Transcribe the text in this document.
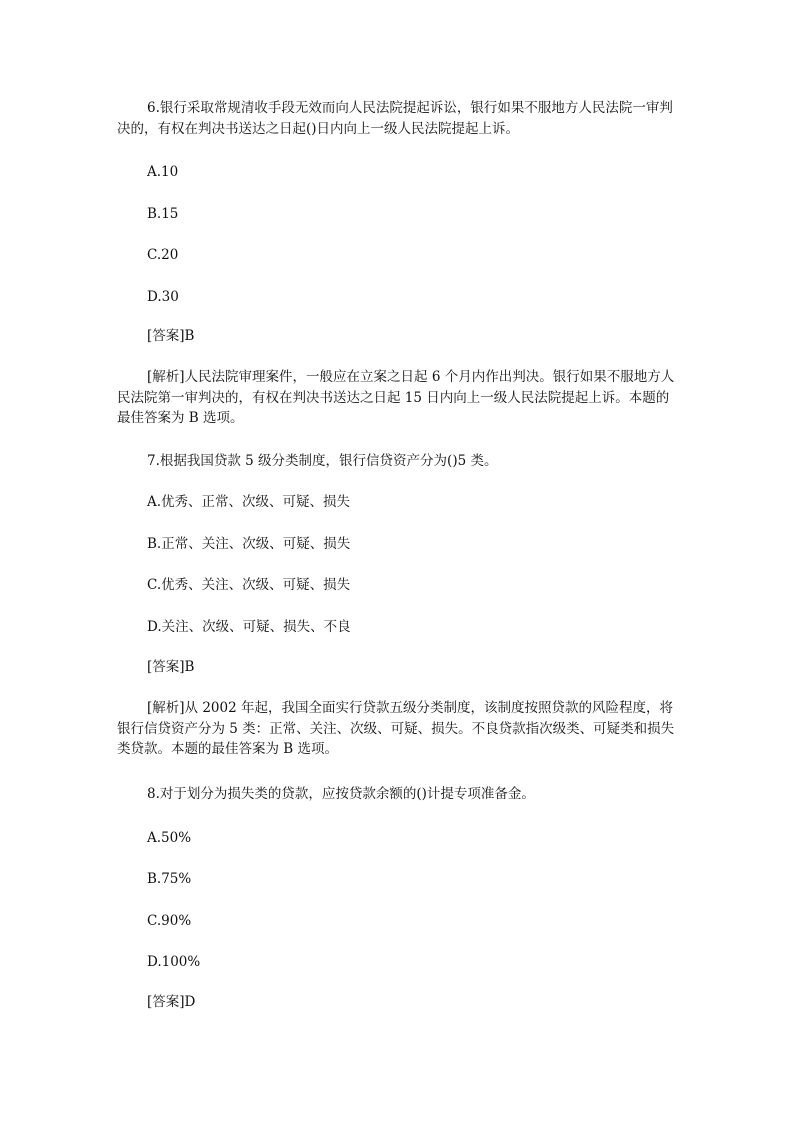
6.银行采取常规清收手段无效而向人民法院提起诉讼，银行如果不服地方人民法院一审判决的，有权在判决书送达之日起()日内向上一级人民法院提起上诉。

A.10

B.15

C.20

D.30

[答案]B

[解析]人民法院审理案件，一般应在立案之日起 6 个月内作出判决。银行如果不服地方人民法院第一审判决的，有权在判决书送达之日起 15 日内向上一级人民法院提起上诉。本题的最佳答案为 B 选项。

7.根据我国贷款 5 级分类制度，银行信贷资产分为()5 类。

A.优秀、正常、次级、可疑、损失

B.正常、关注、次级、可疑、损失

C.优秀、关注、次级、可疑、损失

D.关注、次级、可疑、损失、不良

[答案]B

[解析]从 2002 年起，我国全面实行贷款五级分类制度，该制度按照贷款的风险程度，将银行信贷资产分为 5 类：正常、关注、次级、可疑、损失。不良贷款指次级类、可疑类和损失类贷款。本题的最佳答案为 B 选项。

8.对于划分为损失类的贷款，应按贷款余额的()计提专项准备金。

A.50%

B.75%

C.90%

D.100%

[答案]D
